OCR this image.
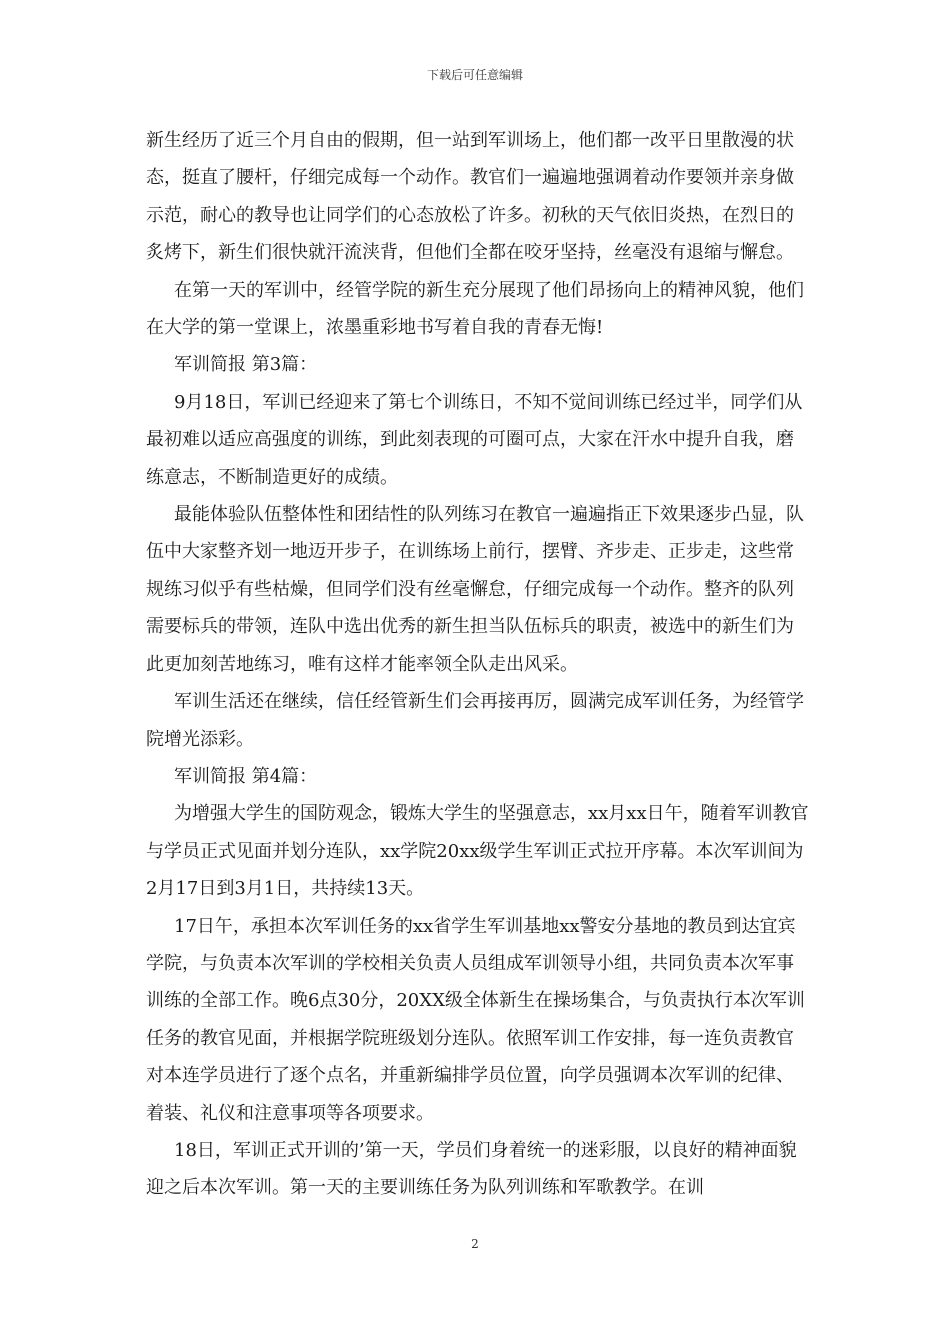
下载后可任意编辑

新生经历了近三个月自由的假期，但一站到军训场上，他们都一改平日里散漫的状态，挺直了腰杆，仔细完成每一个动作。教官们一遍遍地强调着动作要领并亲身做示范，耐心的教导也让同学们的心态放松了许多。初秋的天气依旧炎热，在烈日的炙烤下，新生们很快就汗流浃背，但他们全都在咬牙坚持，丝毫没有退缩与懈怠。

在第一天的军训中，经管学院的新生充分展现了他们昂扬向上的精神风貌，他们在大学的第一堂课上，浓墨重彩地书写着自我的青春无悔!

军训简报 第3篇：

9月18日，军训已经迎来了第七个训练日，不知不觉间训练已经过半，同学们从最初难以适应高强度的训练，到此刻表现的可圈可点，大家在汗水中提升自我，磨练意志，不断制造更好的成绩。

最能体验队伍整体性和团结性的队列练习在教官一遍遍指正下效果逐步凸显，队伍中大家整齐划一地迈开步子，在训练场上前行，摆臂、齐步走、正步走，这些常规练习似乎有些枯燥，但同学们没有丝毫懈怠，仔细完成每一个动作。整齐的队列需要标兵的带领，连队中选出优秀的新生担当队伍标兵的职责，被选中的新生们为此更加刻苦地练习，唯有这样才能率领全队走出风采。

军训生活还在继续，信任经管新生们会再接再厉，圆满完成军训任务，为经管学院增光添彩。

军训简报 第4篇：

为增强大学生的国防观念，锻炼大学生的坚强意志，xx月xx日午，随着军训教官与学员正式见面并划分连队，xx学院20xx级学生军训正式拉开序幕。本次军训间为2月17日到3月1日，共持续13天。

17日午，承担本次军训任务的xx省学生军训基地xx警安分基地的教员到达宜宾学院，与负责本次军训的学校相关负责人员组成军训领导小组，共同负责本次军事训练的全部工作。晚6点30分，20XX级全体新生在操场集合，与负责执行本次军训任务的教官见面，并根据学院班级划分连队。依照军训工作安排，每一连负责教官对本连学员进行了逐个点名，并重新编排学员位置，向学员强调本次军训的纪律、着装、礼仪和注意事项等各项要求。

18日，军训正式开训的’第一天，学员们身着统一的迷彩服，以良好的精神面貌迎之后本次军训。第一天的主要训练任务为队列训练和军歌教学。在训

2
